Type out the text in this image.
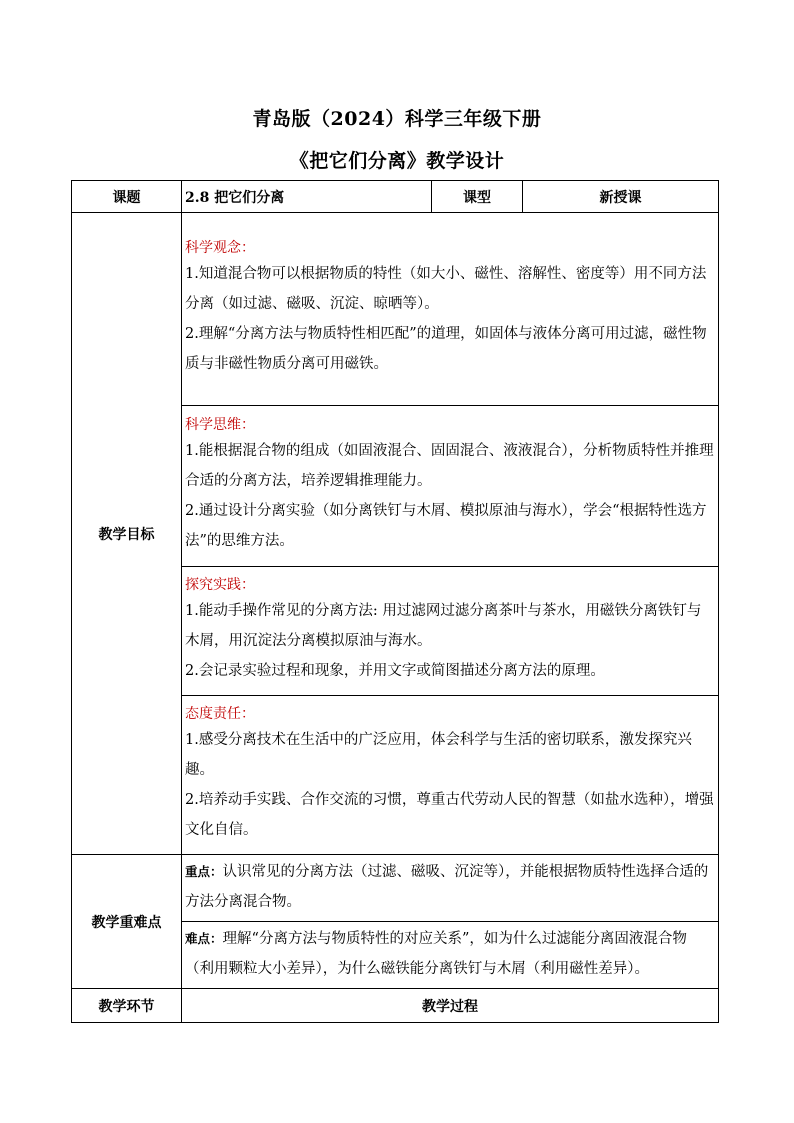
青岛版（2024）科学三年级下册
《把它们分离》教学设计
课题	2.8 把它们分离	课型	新授课
教学目标	科学观念：
1.知道混合物可以根据物质的特性（如大小、磁性、溶解性、密度等）用不同方法分离（如过滤、磁吸、沉淀、晾晒等）。
2.理解“分离方法与物质特性相匹配”的道理，如固体与液体分离可用过滤，磁性物质与非磁性物质分离可用磁铁。		

	科学思维：
1.能根据混合物的组成（如固液混合、固固混合、液液混合），分析物质特性并推理合适的分离方法，培养逻辑推理能力。
2.通过设计分离实验（如分离铁钉与木屑、模拟原油与海水），学会“根据特性选方法”的思维方法。		

	探究实践：
1.能动手操作常见的分离方法: 用过滤网过滤分离茶叶与茶水，用磁铁分离铁钉与木屑，用沉淀法分离模拟原油与海水。
2.会记录实验过程和现象，并用文字或简图描述分离方法的原理。		

	态度责任：
1.感受分离技术在生活中的广泛应用，体会科学与生活的密切联系，激发探究兴趣。
2.培养动手实践、合作交流的习惯，尊重古代劳动人民的智慧（如盐水选种），增强文化自信。		

教学重难点	重点：认识常见的分离方法（过滤、磁吸、沉淀等），并能根据物质特性选择合适的方法分离混合物。		

	难点：理解“分离方法与物质特性的对应关系”，如为什么过滤能分离固液混合物（利用颗粒大小差异），为什么磁铁能分离铁钉与木屑（利用磁性差异）。		

教学环节	教学过程		
